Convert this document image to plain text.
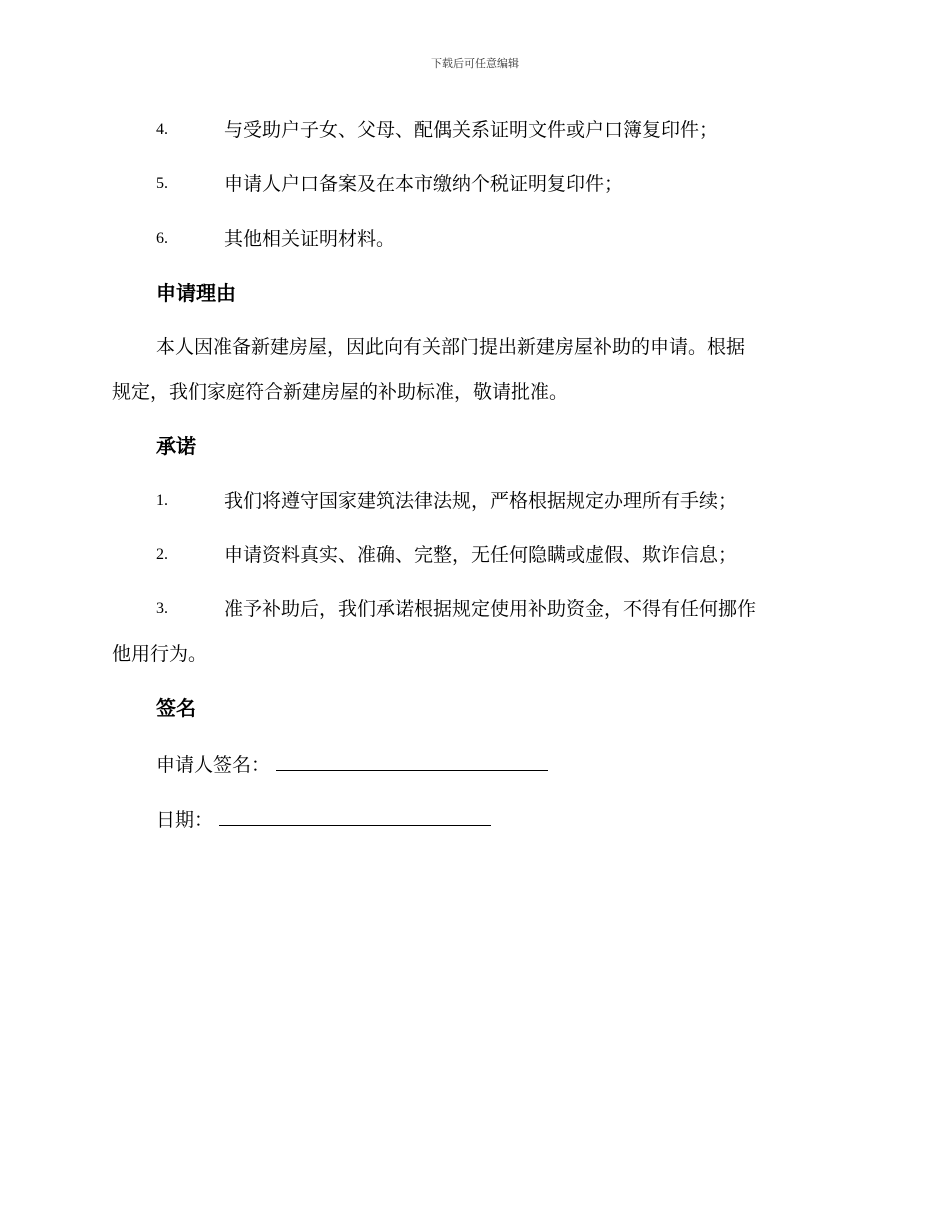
下载后可任意编辑
4.	与受助户子女、父母、配偶关系证明文件或户口簿复印件；
5.	申请人户口备案及在本市缴纳个税证明复印件；
6.	其他相关证明材料。
申请理由
本人因准备新建房屋，因此向有关部门提出新建房屋补助的申请。根据
规定，我们家庭符合新建房屋的补助标准，敬请批准。
承诺
1.	我们将遵守国家建筑法律法规，严格根据规定办理所有手续；
2.	申请资料真实、准确、完整，无任何隐瞒或虚假、欺诈信息；
3.	准予补助后，我们承诺根据规定使用补助资金，不得有任何挪作
他用行为。
签名
申请人签名：
日期：
